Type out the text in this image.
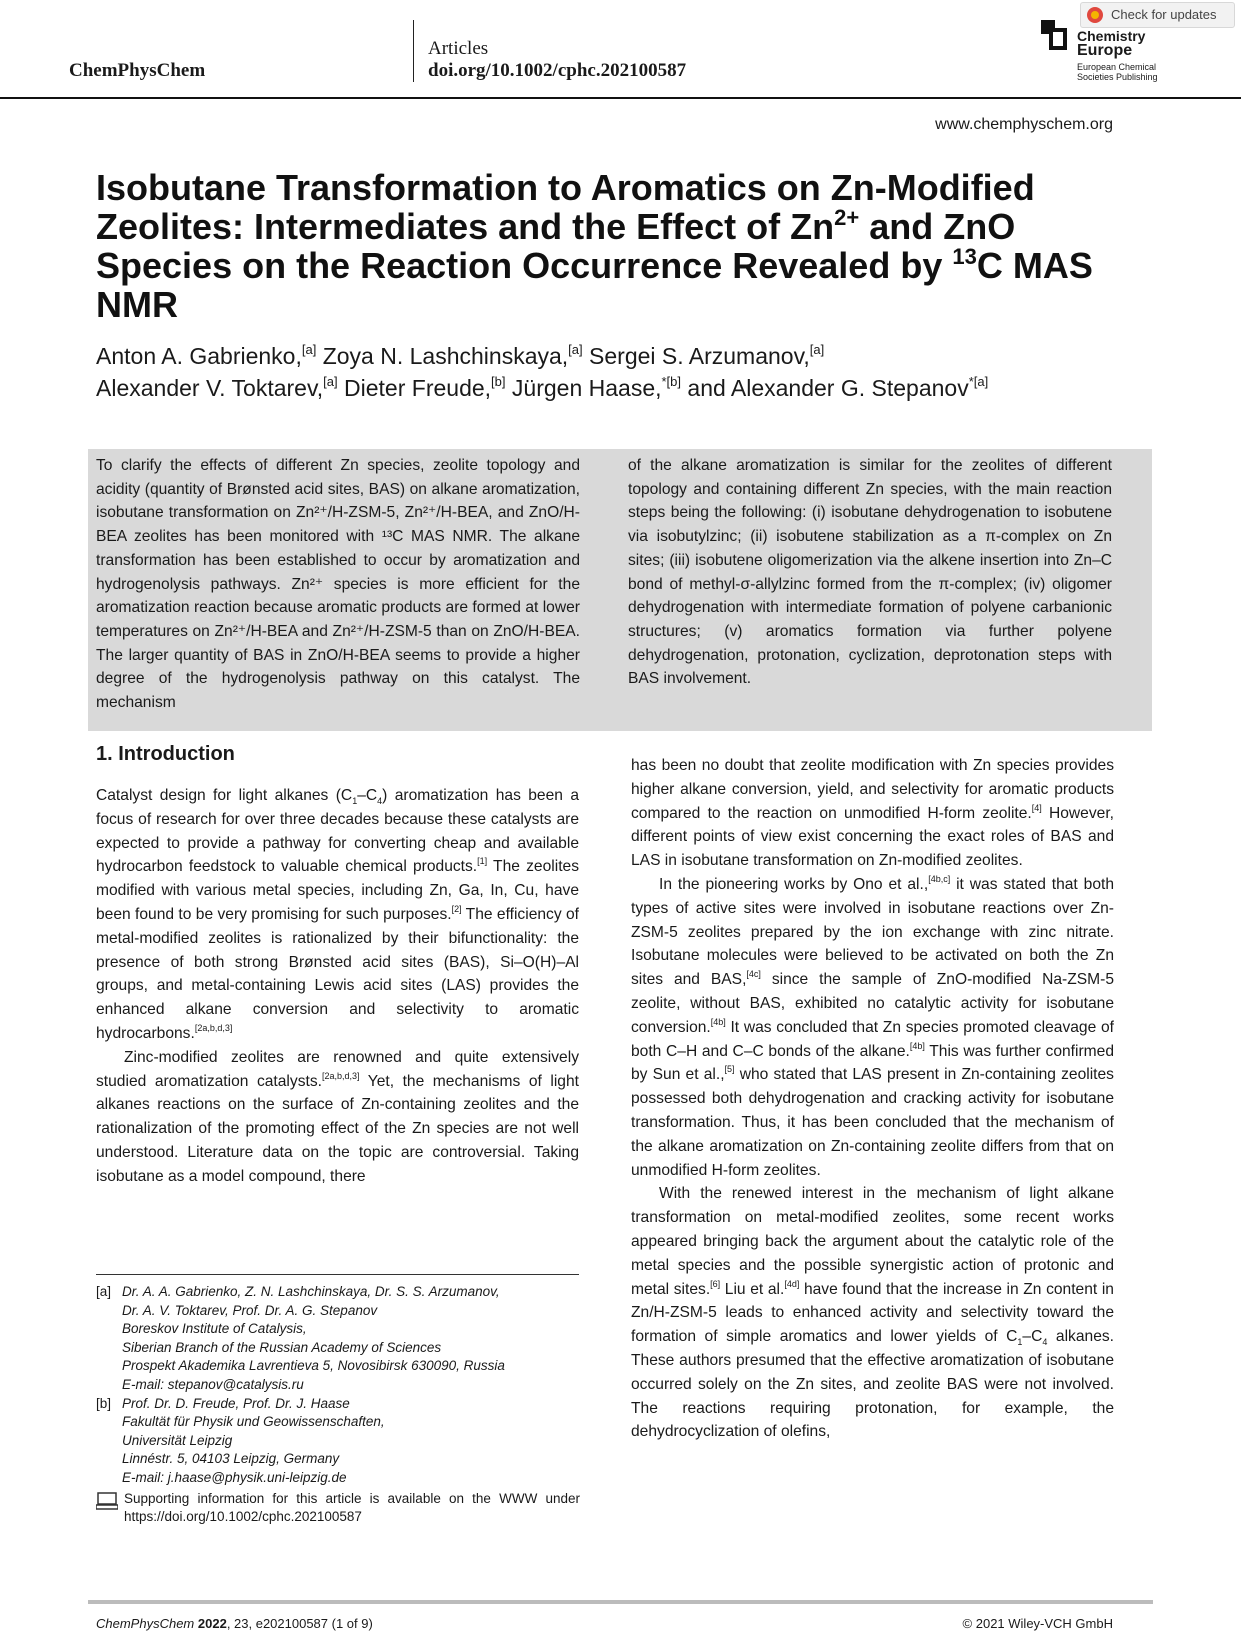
ChemPhysChem
Articles
doi.org/10.1002/cphc.202100587
Chemistry
Europe
European Chemical
Societies Publishing
Check for updates
www.chemphyschem.org
Isobutane Transformation to Aromatics on Zn-Modified Zeolites: Intermediates and the Effect of $Zn^{2+}$ and ZnO Species on the Reaction Occurrence Revealed by $^{13}$C MAS NMR
Anton A. Gabrienko,[a] Zoya N. Lashchinskaya,[a] Sergei S. Arzumanov,[a]
Alexander V. Toktarev,[a] Dieter Freude,[b] Jürgen Haase,$^{*[b]}$ and Alexander G. Stepanov$^{*[a]}$

To clarify the effects of different Zn species, zeolite topology and acidity (quantity of Brønsted acid sites, BAS) on alkane aromatization, isobutane transformation on Zn²⁺/H-ZSM-5, Zn²⁺/H-BEA, and ZnO/H-BEA zeolites has been monitored with ¹³C MAS NMR. The alkane transformation has been established to occur by aromatization and hydrogenolysis pathways. Zn²⁺ species is more efficient for the aromatization reaction because aromatic products are formed at lower temperatures on Zn²⁺/H-BEA and Zn²⁺/H-ZSM-5 than on ZnO/H-BEA. The larger quantity of BAS in ZnO/H-BEA seems to provide a higher degree of the hydrogenolysis pathway on this catalyst. The mechanism

of the alkane aromatization is similar for the zeolites of different topology and containing different Zn species, with the main reaction steps being the following: (i) isobutane dehydrogenation to isobutene via isobutylzinc; (ii) isobutene stabilization as a π-complex on Zn sites; (iii) isobutene oligomerization via the alkene insertion into Zn–C bond of methyl-σ-allylzinc formed from the π-complex; (iv) oligomer dehydrogenation with intermediate formation of polyene carbanionic structures; (v) aromatics formation via further polyene dehydrogenation, protonation, cyclization, deprotonation steps with BAS involvement.

1. Introduction

Catalyst design for light alkanes $(C_1-C_4)$ aromatization has been a focus of research for over three decades because these catalysts are expected to provide a pathway for converting cheap and available hydrocarbon feedstock to valuable chemical products.[1] The zeolites modified with various metal species, including Zn, Ga, In, Cu, have been found to be very promising for such purposes.[2] The efficiency of metal-modified zeolites is rationalized by their bifunctionality: the presence of both strong Brønsted acid sites (BAS), Si–O(H)–Al groups, and metal-containing Lewis acid sites (LAS) provides the enhanced alkane conversion and selectivity to aromatic hydrocarbons.[2a,b,d,3]

Zinc-modified zeolites are renowned and quite extensively studied aromatization catalysts.[2a,b,d,3] Yet, the mechanisms of light alkanes reactions on the surface of Zn-containing zeolites and the rationalization of the promoting effect of the Zn species are not well understood. Literature data on the topic are controversial. Taking isobutane as a model compound, there

has been no doubt that zeolite modification with Zn species provides higher alkane conversion, yield, and selectivity for aromatic products compared to the reaction on unmodified H-form zeolite.[4] However, different points of view exist concerning the exact roles of BAS and LAS in isobutane transformation on Zn-modified zeolites.

In the pioneering works by Ono et al.,[4b,c] it was stated that both types of active sites were involved in isobutane reactions over Zn-ZSM-5 zeolites prepared by the ion exchange with zinc nitrate. Isobutane molecules were believed to be activated on both the Zn sites and BAS,[4c] since the sample of ZnO-modified Na-ZSM-5 zeolite, without BAS, exhibited no catalytic activity for isobutane conversion.[4b] It was concluded that Zn species promoted cleavage of both C–H and C–C bonds of the alkane.[4b] This was further confirmed by Sun et al.,[5] who stated that LAS present in Zn-containing zeolites possessed both dehydrogenation and cracking activity for isobutane transformation. Thus, it has been concluded that the mechanism of the alkane aromatization on Zn-containing zeolite differs from that on unmodified H-form zeolites.

With the renewed interest in the mechanism of light alkane transformation on metal-modified zeolites, some recent works appeared bringing back the argument about the catalytic role of the metal species and the possible synergistic action of protonic and metal sites.[6] Liu et al.[4d] have found that the increase in Zn content in Zn/H-ZSM-5 leads to enhanced activity and selectivity toward the formation of simple aromatics and lower yields of $C_1-C_4$ alkanes. These authors presumed that the effective aromatization of isobutane occurred solely on the Zn sites, and zeolite BAS were not involved. The reactions requiring protonation, for example, the dehydrocyclization of olefins,

[a] Dr. A. A. Gabrienko, Z. N. Lashchinskaya, Dr. S. S. Arzumanov,
Dr. A. V. Toktarev, Prof. Dr. A. G. Stepanov
Boreskov Institute of Catalysis,
Siberian Branch of the Russian Academy of Sciences
Prospekt Akademika Lavrentieva 5, Novosibirsk 630090, Russia
E-mail: stepanov@catalysis.ru
[b] Prof. Dr. D. Freude, Prof. Dr. J. Haase
Fakultät für Physik und Geowissenschaften,
Universität Leipzig
Linnéstr. 5, 04103 Leipzig, Germany
E-mail: j.haase@physik.uni-leipzig.de
Supporting information for this article is available on the WWW under https://doi.org/10.1002/cphc.202100587
ChemPhysChem 2022, 23, e202100587 (1 of 9)	© 2021 Wiley-VCH GmbH
